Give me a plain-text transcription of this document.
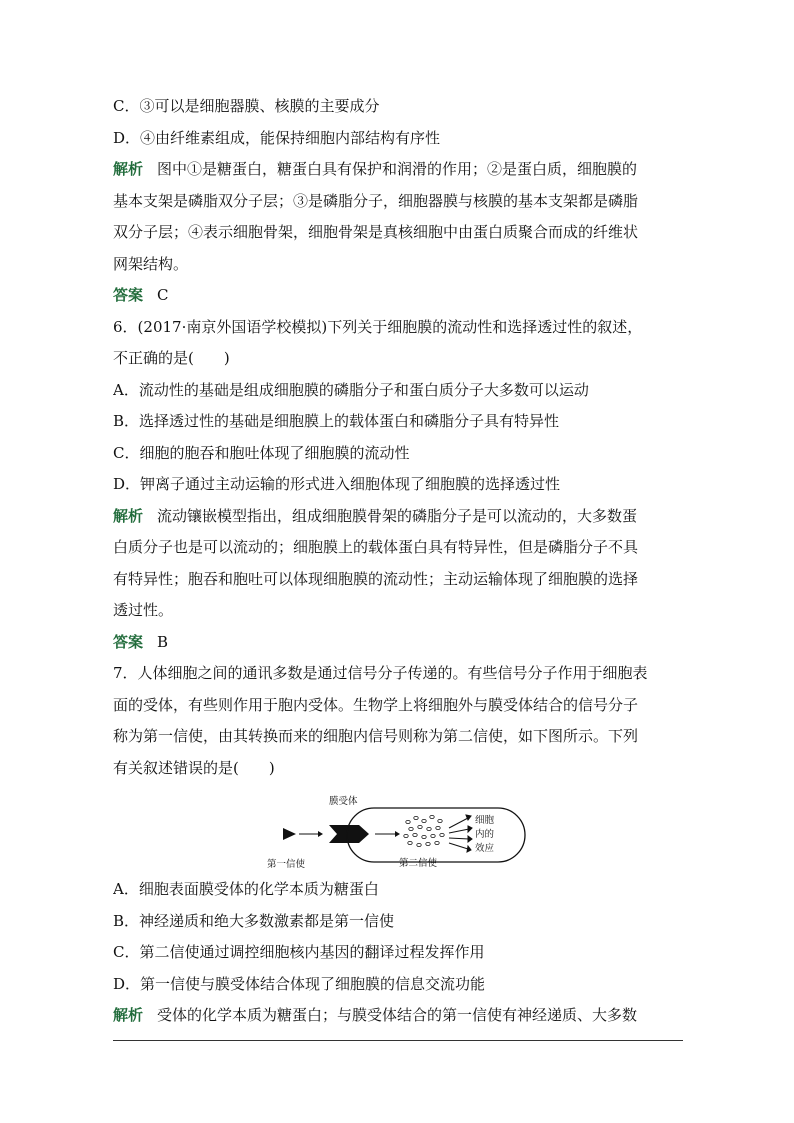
C．③可以是细胞器膜、核膜的主要成分
D．④由纤维素组成，能保持细胞内部结构有序性
解析 图中①是糖蛋白，糖蛋白具有保护和润滑的作用；②是蛋白质，细胞膜的
基本支架是磷脂双分子层；③是磷脂分子，细胞器膜与核膜的基本支架都是磷脂
双分子层；④表示细胞骨架，细胞骨架是真核细胞中由蛋白质聚合而成的纤维状
网架结构。
答案 C
6．(2017·南京外国语学校模拟)下列关于细胞膜的流动性和选择透过性的叙述，
不正确的是(　　)
A．流动性的基础是组成细胞膜的磷脂分子和蛋白质分子大多数可以运动
B．选择透过性的基础是细胞膜上的载体蛋白和磷脂分子具有特异性
C．细胞的胞吞和胞吐体现了细胞膜的流动性
D．钾离子通过主动运输的形式进入细胞体现了细胞膜的选择透过性
解析 流动镶嵌模型指出，组成细胞膜骨架的磷脂分子是可以流动的，大多数蛋
白质分子也是可以流动的；细胞膜上的载体蛋白具有特异性，但是磷脂分子不具
有特异性；胞吞和胞吐可以体现细胞膜的流动性；主动运输体现了细胞膜的选择
透过性。
答案 B
7．人体细胞之间的通讯多数是通过信号分子传递的。有些信号分子作用于细胞表
面的受体，有些则作用于胞内受体。生物学上将细胞外与膜受体结合的信号分子
称为第一信使，由其转换而来的细胞内信号则称为第二信使，如下图所示。下列
有关叙述错误的是(　　)
膜受体
第一信使	第二信使
细胞
内的
效应
A．细胞表面膜受体的化学本质为糖蛋白
B．神经递质和绝大多数激素都是第一信使
C．第二信使通过调控细胞核内基因的翻译过程发挥作用
D．第一信使与膜受体结合体现了细胞膜的信息交流功能
解析 受体的化学本质为糖蛋白；与膜受体结合的第一信使有神经递质、大多数
